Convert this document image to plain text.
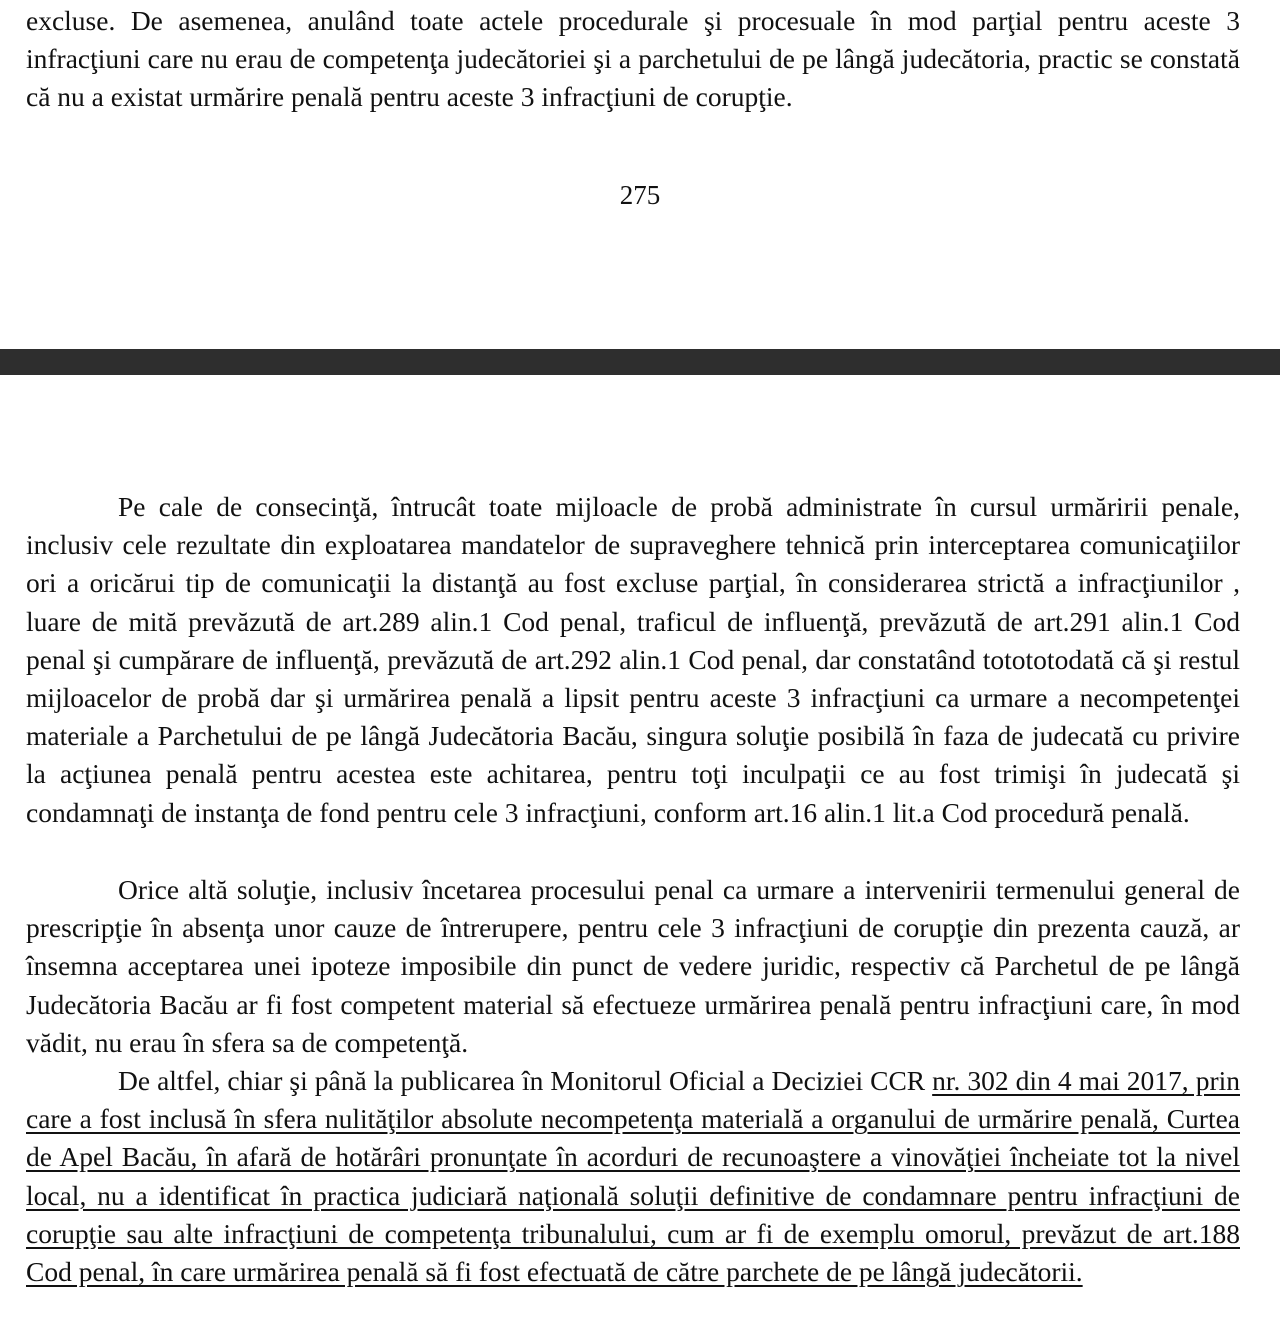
excluse. De asemenea, anulând toate actele procedurale şi procesuale în mod parţial pentru aceste 3 infracţiuni care nu erau de competenţa judecătoriei şi a parchetului de pe lângă judecătoria, practic se constată că nu a existat urmărire penală pentru aceste 3 infracţiuni de corupţie.

275

Pe cale de consecinţă, întrucât toate mijloacle de probă administrate în cursul urmăririi penale, inclusiv cele rezultate din exploatarea mandatelor de supraveghere tehnică prin interceptarea comunicaţiilor ori a oricărui tip de comunicaţii la distanţă au fost excluse parţial, în considerarea strictă a infracţiunilor , luare de mită prevăzută de art.289 alin.1 Cod penal, traficul de influenţă, prevăzută de art.291 alin.1 Cod penal şi cumpărare de influenţă, prevăzută de art.292 alin.1 Cod penal, dar constatând totototodată că şi restul mijloacelor de probă dar şi urmărirea penală a lipsit pentru aceste 3 infracţiuni ca urmare a necompetenţei materiale a Parchetului de pe lângă Judecătoria Bacău, singura soluţie posibilă în faza de judecată cu privire la acţiunea penală pentru acestea este achitarea, pentru toţi inculpaţii ce au fost trimişi în judecată şi condamnaţi de instanţa de fond pentru cele 3 infracţiuni, conform art.16 alin.1 lit.a Cod procedură penală.

Orice altă soluţie, inclusiv încetarea procesului penal ca urmare a intervenirii termenului general de prescripţie în absenţa unor cauze de întrerupere, pentru cele 3 infracţiuni de corupţie din prezenta cauză, ar însemna acceptarea unei ipoteze imposibile din punct de vedere juridic, respectiv că Parchetul de pe lângă Judecătoria Bacău ar fi fost competent material să efectueze urmărirea penală pentru infracţiuni care, în mod vădit, nu erau în sfera sa de competenţă.

De altfel, chiar şi până la publicarea în Monitorul Oficial a Deciziei CCR nr. 302 din 4 mai 2017, prin care a fost inclusă în sfera nulităţilor absolute necompetenţa materială a organului de urmărire penală, Curtea de Apel Bacău, în afară de hotărâri pronunţate în acorduri de recunoaştere a vinovăţiei încheiate tot la nivel local, nu a identificat în practica judiciară naţională soluţii definitive de condamnare pentru infracţiuni de corupţie sau alte infracţiuni de competenţa tribunalului, cum ar fi de exemplu omorul, prevăzut de art.188 Cod penal, în care urmărirea penală să fi fost efectuată de către parchete de pe lângă judecătorii.
